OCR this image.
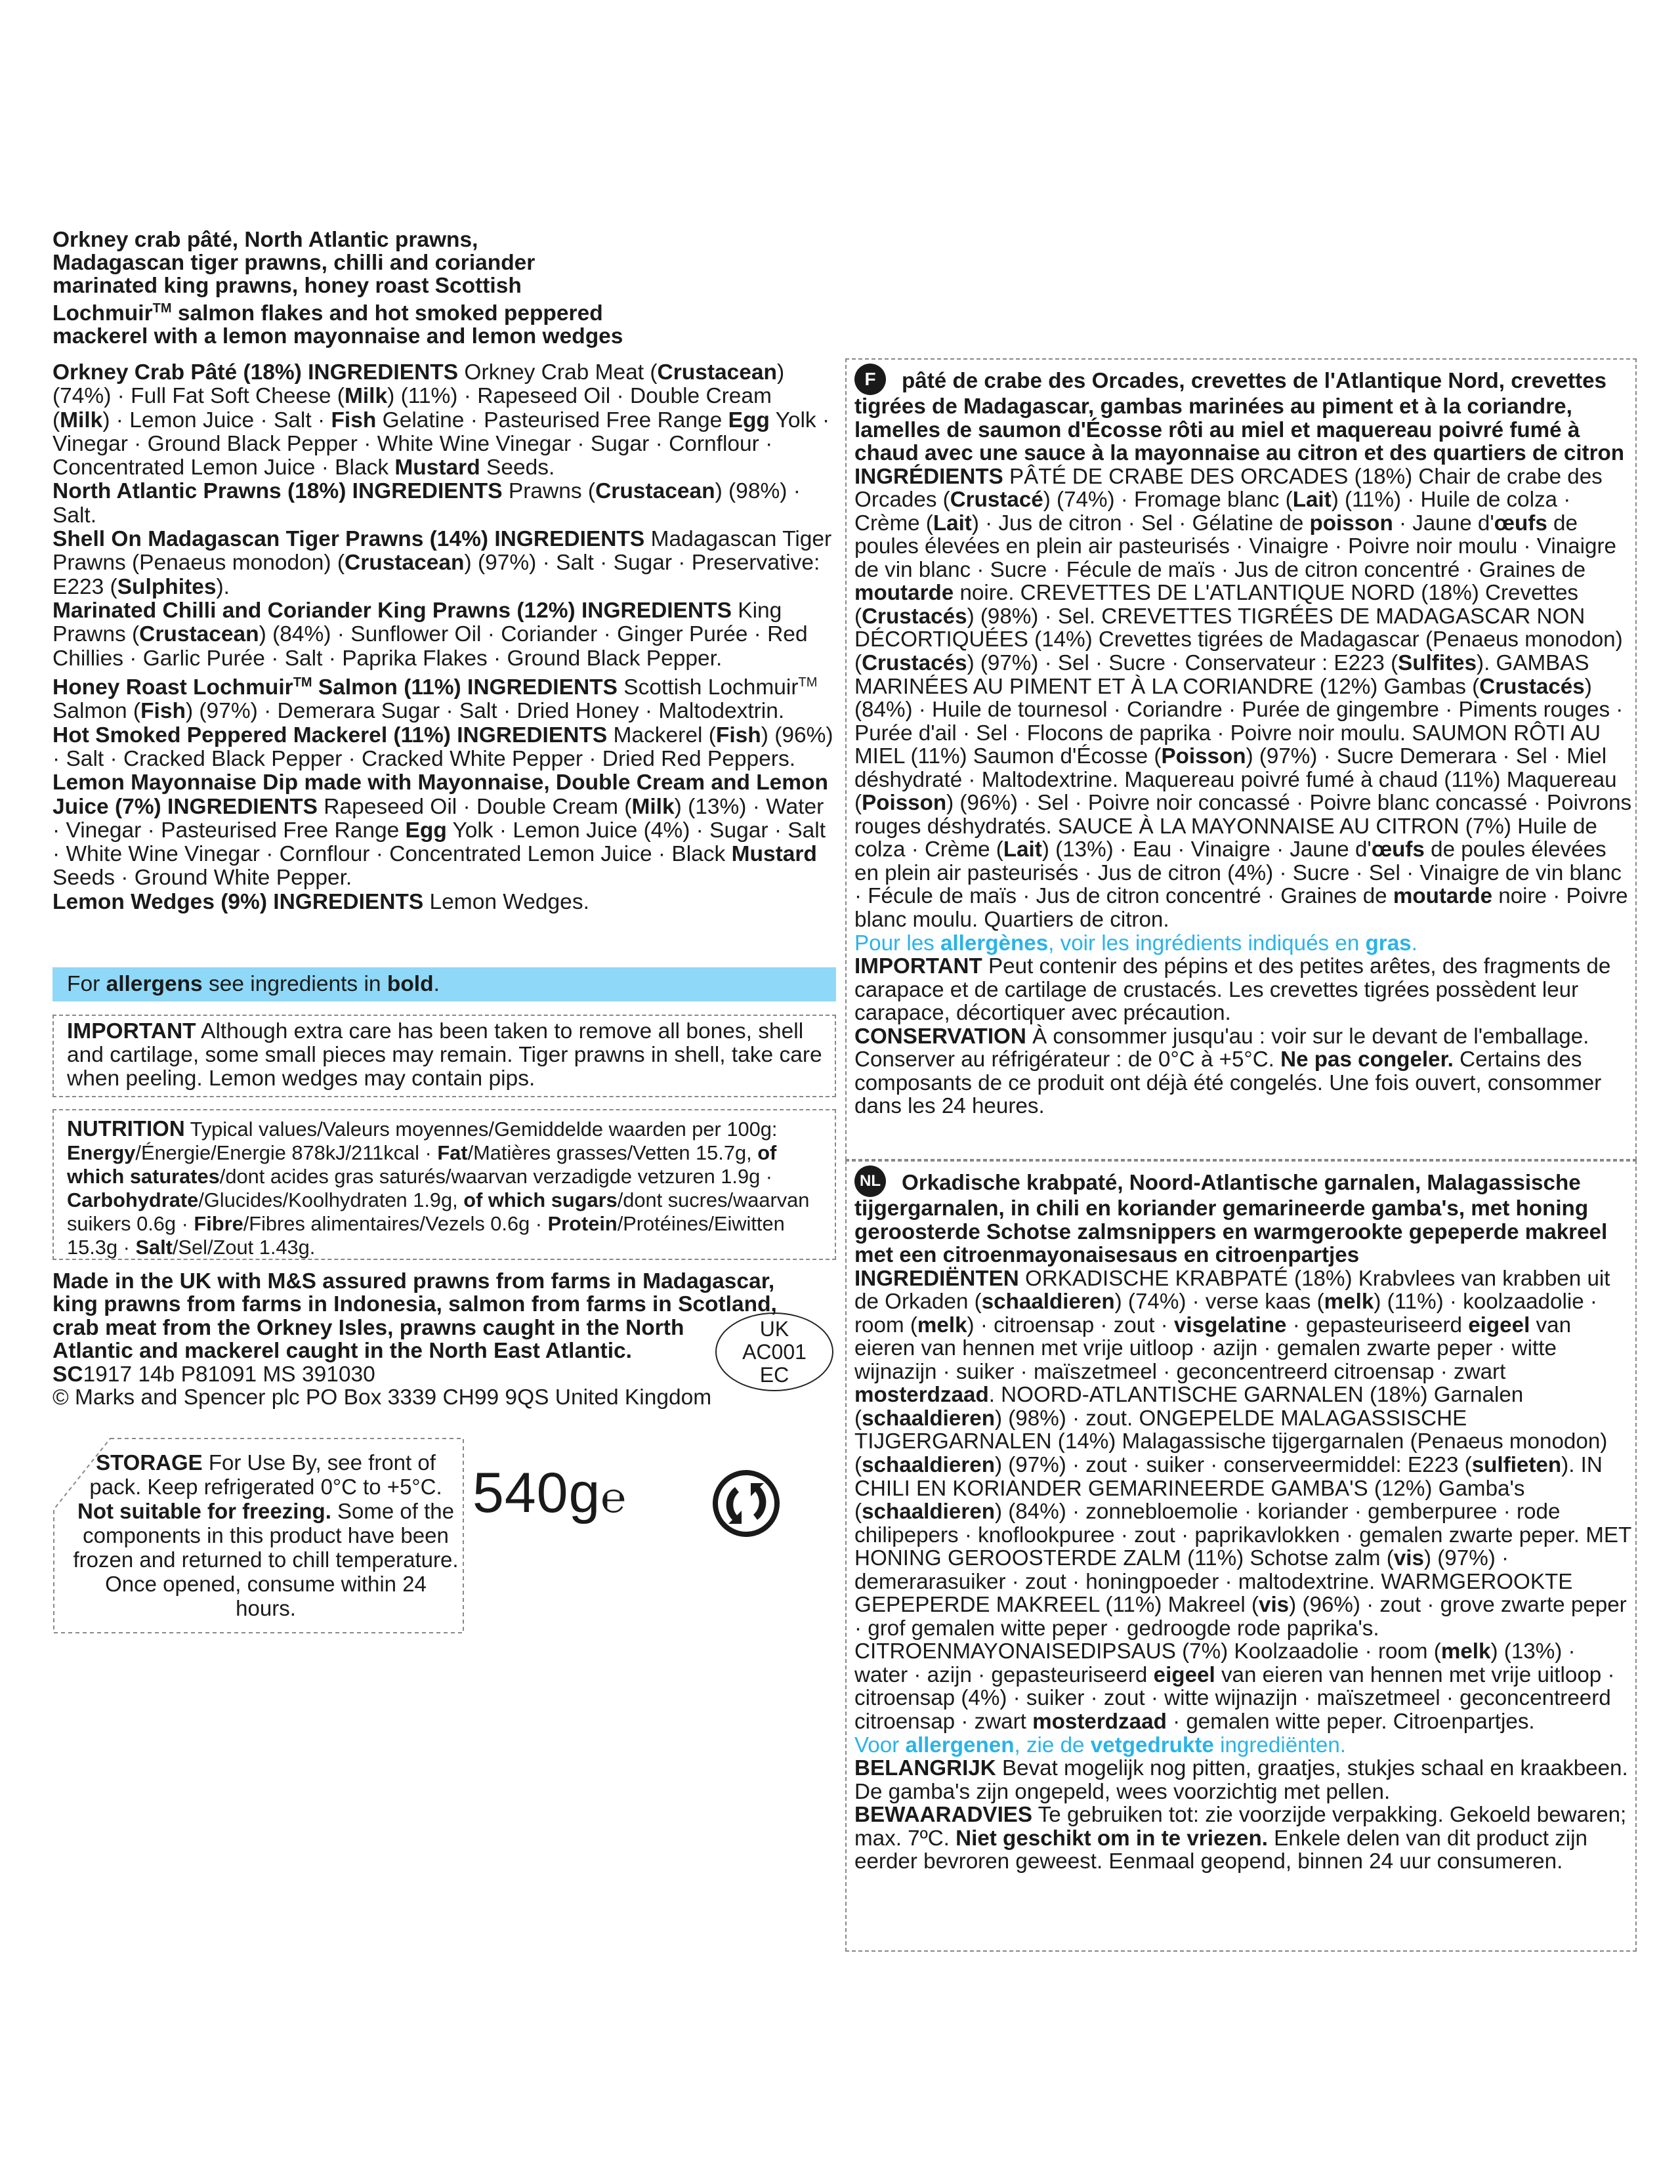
Orkney crab pâté, North Atlantic prawns,
Madagascan tiger prawns, chilli and coriander
marinated king prawns, honey roast Scottish
Lochmuir™ salmon flakes and hot smoked peppered
mackerel with a lemon mayonnaise and lemon wedges

Orkney Crab Pâté (18%) INGREDIENTS Orkney Crab Meat (Crustacean) (74%) · Full Fat Soft Cheese (Milk) (11%) · Rapeseed Oil · Double Cream (Milk) · Lemon Juice · Salt · Fish Gelatine · Pasteurised Free Range Egg Yolk · Vinegar · Ground Black Pepper · White Wine Vinegar · Sugar · Cornflour · Concentrated Lemon Juice · Black Mustard Seeds.

North Atlantic Prawns (18%) INGREDIENTS Prawns (Crustacean) (98%) · Salt.

Shell On Madagascan Tiger Prawns (14%) INGREDIENTS Madagascan Tiger Prawns (Penaeus monodon) (Crustacean) (97%) · Salt · Sugar · Preservative: E223 (Sulphites).

Marinated Chilli and Coriander King Prawns (12%) INGREDIENTS King Prawns (Crustacean) (84%) · Sunflower Oil · Coriander · Ginger Purée · Red Chillies · Garlic Purée · Salt · Paprika Flakes · Ground Black Pepper.

Honey Roast Lochmuir™ Salmon (11%) INGREDIENTS Scottish Lochmuir™ Salmon (Fish) (97%) · Demerara Sugar · Salt · Dried Honey · Maltodextrin.

Hot Smoked Peppered Mackerel (11%) INGREDIENTS Mackerel (Fish) (96%) · Salt · Cracked Black Pepper · Cracked White Pepper · Dried Red Peppers.

Lemon Mayonnaise Dip made with Mayonnaise, Double Cream and Lemon Juice (7%) INGREDIENTS Rapeseed Oil · Double Cream (Milk) (13%) · Water · Vinegar · Pasteurised Free Range Egg Yolk · Lemon Juice (4%) · Sugar · Salt · White Wine Vinegar · Cornflour · Concentrated Lemon Juice · Black Mustard Seeds · Ground White Pepper.

Lemon Wedges (9%) INGREDIENTS Lemon Wedges.

For allergens see ingredients in bold.
IMPORTANT Although extra care has been taken to remove all bones, shell and cartilage, some small pieces may remain. Tiger prawns in shell, take care when peeling. Lemon wedges may contain pips.
NUTRITION Typical values/Valeurs moyennes/Gemiddelde waarden per 100g:
Energy/Énergie/Energie 878kJ/211kcal · Fat/Matières grasses/Vetten 15.7g, of which saturates/dont acides gras saturés/waarvan verzadigde vetzuren 1.9g · Carbohydrate/Glucides/Koolhydraten 1.9g, of which sugars/dont sucres/waarvan suikers 0.6g · Fibre/Fibres alimentaires/Vezels 0.6g · Protein/Protéines/Eiwitten 15.3g · Salt/Sel/Zout 1.43g.
Made in the UK with M&S assured prawns from farms in Madagascar,
king prawns from farms in Indonesia, salmon from farms in Scotland,
crab meat from the Orkney Isles, prawns caught in the North
Atlantic and mackerel caught in the North East Atlantic.
SC1917 14b P81091 MS 391030
© Marks and Spencer plc PO Box 3339 CH99 9QS United Kingdom
UK
AC001
EC
STORAGE For Use By, see front of pack. Keep refrigerated 0°C to +5°C. Not suitable for freezing. Some of the components in this product have been frozen and returned to chill temperature. Once opened, consume within 24 hours.
540g℮
F pâté de crabe des Orcades, crevettes de l'Atlantique Nord, crevettes tigrées de Madagascar, gambas marinées au piment et à la coriandre, lamelles de saumon d'Écosse rôti au miel et maquereau poivré fumé à chaud avec une sauce à la mayonnaise au citron et des quartiers de citron
INGRÉDIENTS PÂTÉ DE CRABE DES ORCADES (18%) Chair de crabe des Orcades (Crustacé) (74%) · Fromage blanc (Lait) (11%) · Huile de colza · Crème (Lait) · Jus de citron · Sel · Gélatine de poisson · Jaune d'œufs de poules élevées en plein air pasteurisés · Vinaigre · Poivre noir moulu · Vinaigre de vin blanc · Sucre · Fécule de maïs · Jus de citron concentré · Graines de moutarde noire. CREVETTES DE L'ATLANTIQUE NORD (18%) Crevettes (Crustacés) (98%) · Sel. CREVETTES TIGRÉES DE MADAGASCAR NON DÉCORTIQUÉES (14%) Crevettes tigrées de Madagascar (Penaeus monodon) (Crustacés) (97%) · Sel · Sucre · Conservateur : E223 (Sulfites). GAMBAS MARINÉES AU PIMENT ET À LA CORIANDRE (12%) Gambas (Crustacés) (84%) · Huile de tournesol · Coriandre · Purée de gingembre · Piments rouges · Purée d'ail · Sel · Flocons de paprika · Poivre noir moulu. SAUMON RÔTI AU MIEL (11%) Saumon d'Écosse (Poisson) (97%) · Sucre Demerara · Sel · Miel déshydraté · Maltodextrine. Maquereau poivré fumé à chaud (11%) Maquereau (Poisson) (96%) · Sel · Poivre noir concassé · Poivre blanc concassé · Poivrons rouges déshydratés. SAUCE À LA MAYONNAISE AU CITRON (7%) Huile de colza · Crème (Lait) (13%) · Eau · Vinaigre · Jaune d'œufs de poules élevées en plein air pasteurisés · Jus de citron (4%) · Sucre · Sel · Vinaigre de vin blanc · Fécule de maïs · Jus de citron concentré · Graines de moutarde noire · Poivre blanc moulu. Quartiers de citron.
Pour les allergènes, voir les ingrédients indiqués en gras.
IMPORTANT Peut contenir des pépins et des petites arêtes, des fragments de carapace et de cartilage de crustacés. Les crevettes tigrées possèdent leur carapace, décortiquer avec précaution.
CONSERVATION À consommer jusqu'au : voir sur le devant de l'emballage. Conserver au réfrigérateur : de 0°C à +5°C. Ne pas congeler. Certains des composants de ce produit ont déjà été congelés. Une fois ouvert, consommer dans les 24 heures.
NL Orkadische krabpaté, Noord-Atlantische garnalen, Malagassische tijgergarnalen, in chili en koriander gemarineerde gamba's, met honing geroosterde Schotse zalmsnippers en warmgerookte gepeperde makreel met een citroenmayonaisesaus en citroenpartjes
INGREDIËNTEN ORKADISCHE KRABPATÉ (18%) Krabvlees van krabben uit de Orkaden (schaaldieren) (74%) · verse kaas (melk) (11%) · koolzaadolie · room (melk) · citroensap · zout · visgelatine · gepasteuriseerd eigeel van eieren van hennen met vrije uitloop · azijn · gemalen zwarte peper · witte wijnazijn · suiker · maïszetmeel · geconcentreerd citroensap · zwart mosterdzaad. NOORD-ATLANTISCHE GARNALEN (18%) Garnalen (schaaldieren) (98%) · zout. ONGEPELDE MALAGASSISCHE TIJGERGARNALEN (14%) Malagassische tijgergarnalen (Penaeus monodon) (schaaldieren) (97%) · zout · suiker · conserveermiddel: E223 (sulfieten). IN CHILI EN KORIANDER GEMARINEERDE GAMBA'S (12%) Gamba's (schaaldieren) (84%) · zonnebloemolie · koriander · gemberpuree · rode chilipepers · knoflookpuree · zout · paprikavlokken · gemalen zwarte peper. MET HONING GEROOSTERDE ZALM (11%) Schotse zalm (vis) (97%) · demerarasuiker · zout · honingpoeder · maltodextrine. WARMGEROOKTE GEPEPERDE MAKREEL (11%) Makreel (vis) (96%) · zout · grove zwarte peper · grof gemalen witte peper · gedroogde rode paprika's. CITROENMAYONAISEDIPSAUS (7%) Koolzaadolie · room (melk) (13%) · water · azijn · gepasteuriseerd eigeel van eieren van hennen met vrije uitloop · citroensap (4%) · suiker · zout · witte wijnazijn · maïszetmeel · geconcentreerd citroensap · zwart mosterdzaad · gemalen witte peper. Citroenpartjes.
Voor allergenen, zie de vetgedrukte ingrediënten.
BELANGRIJK Bevat mogelijk nog pitten, graatjes, stukjes schaal en kraakbeen. De gamba's zijn ongepeld, wees voorzichtig met pellen.
BEWAARADVIES Te gebruiken tot: zie voorzijde verpakking. Gekoeld bewaren; max. 7ºC. Niet geschikt om in te vriezen. Enkele delen van dit product zijn eerder bevroren geweest. Eenmaal geopend, binnen 24 uur consumeren.
